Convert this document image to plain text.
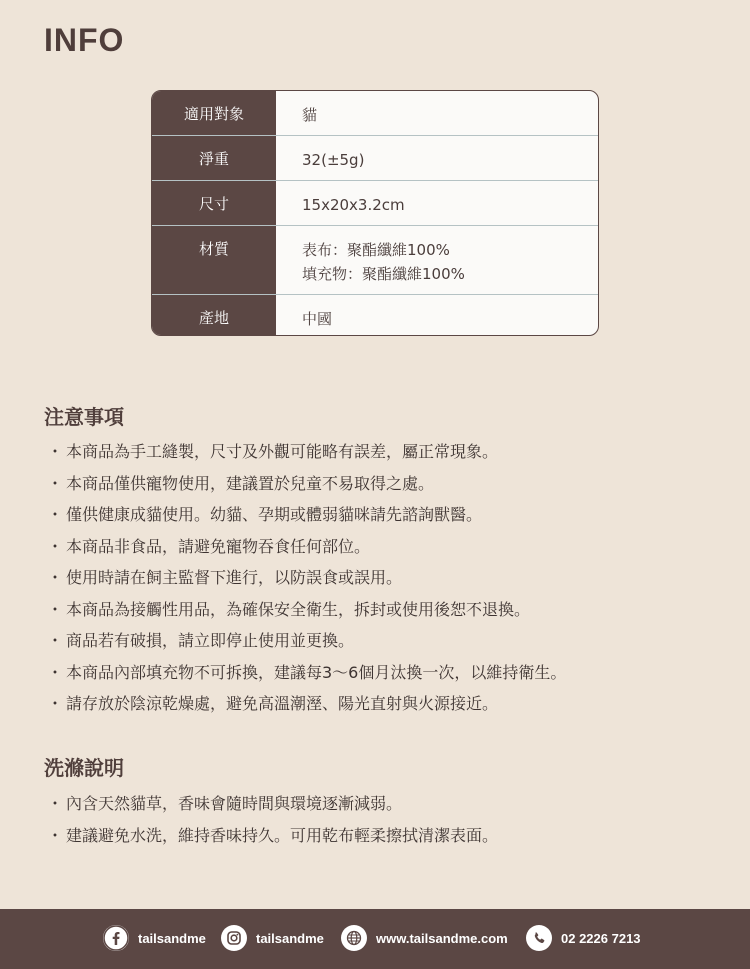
INFO
適用對象	貓
淨重	32(±5g)
尺寸	15x20x3.2cm
材質	表布：聚酯纖維100%
填充物：聚酯纖維100%
產地	中國
注意事項
・ 本商品為手工縫製，尺寸及外觀可能略有誤差，屬正常現象。
・ 本商品僅供寵物使用，建議置於兒童不易取得之處。
・ 僅供健康成貓使用。幼貓、孕期或體弱貓咪請先諮詢獸醫。
・ 本商品非食品，請避免寵物吞食任何部位。
・ 使用時請在飼主監督下進行，以防誤食或誤用。
・ 本商品為接觸性用品，為確保安全衛生，拆封或使用後恕不退換。
・ 商品若有破損，請立即停止使用並更換。
・ 本商品內部填充物不可拆換，建議每3～6個月汰換一次，以維持衛生。
・ 請存放於陰涼乾燥處，避免高溫潮溼、陽光直射與火源接近。
洗滌說明
・ 內含天然貓草，香味會隨時間與環境逐漸減弱。
・ 建議避免水洗，維持香味持久。可用乾布輕柔擦拭清潔表面。
tailsandme	tailsandme	www.tailsandme.com	02 2226 7213
